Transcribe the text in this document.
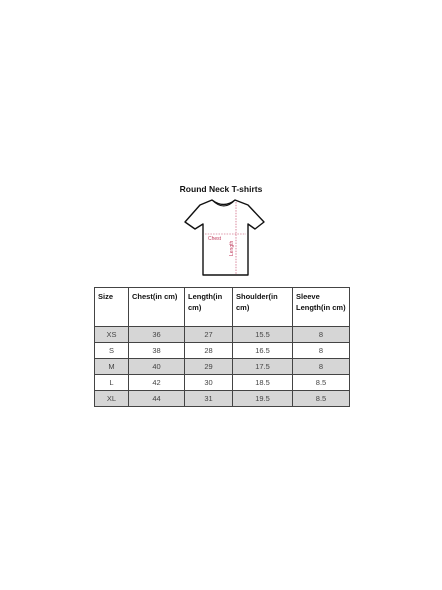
Round Neck T-shirts
Chest
Length
Size	Chest(in cm)	Length(in cm)	Shoulder(in cm)	Sleeve Length(in cm)
XS	36	27	15.5	8
S	38	28	16.5	8
M	40	29	17.5	8
L	42	30	18.5	8.5
XL	44	31	19.5	8.5
